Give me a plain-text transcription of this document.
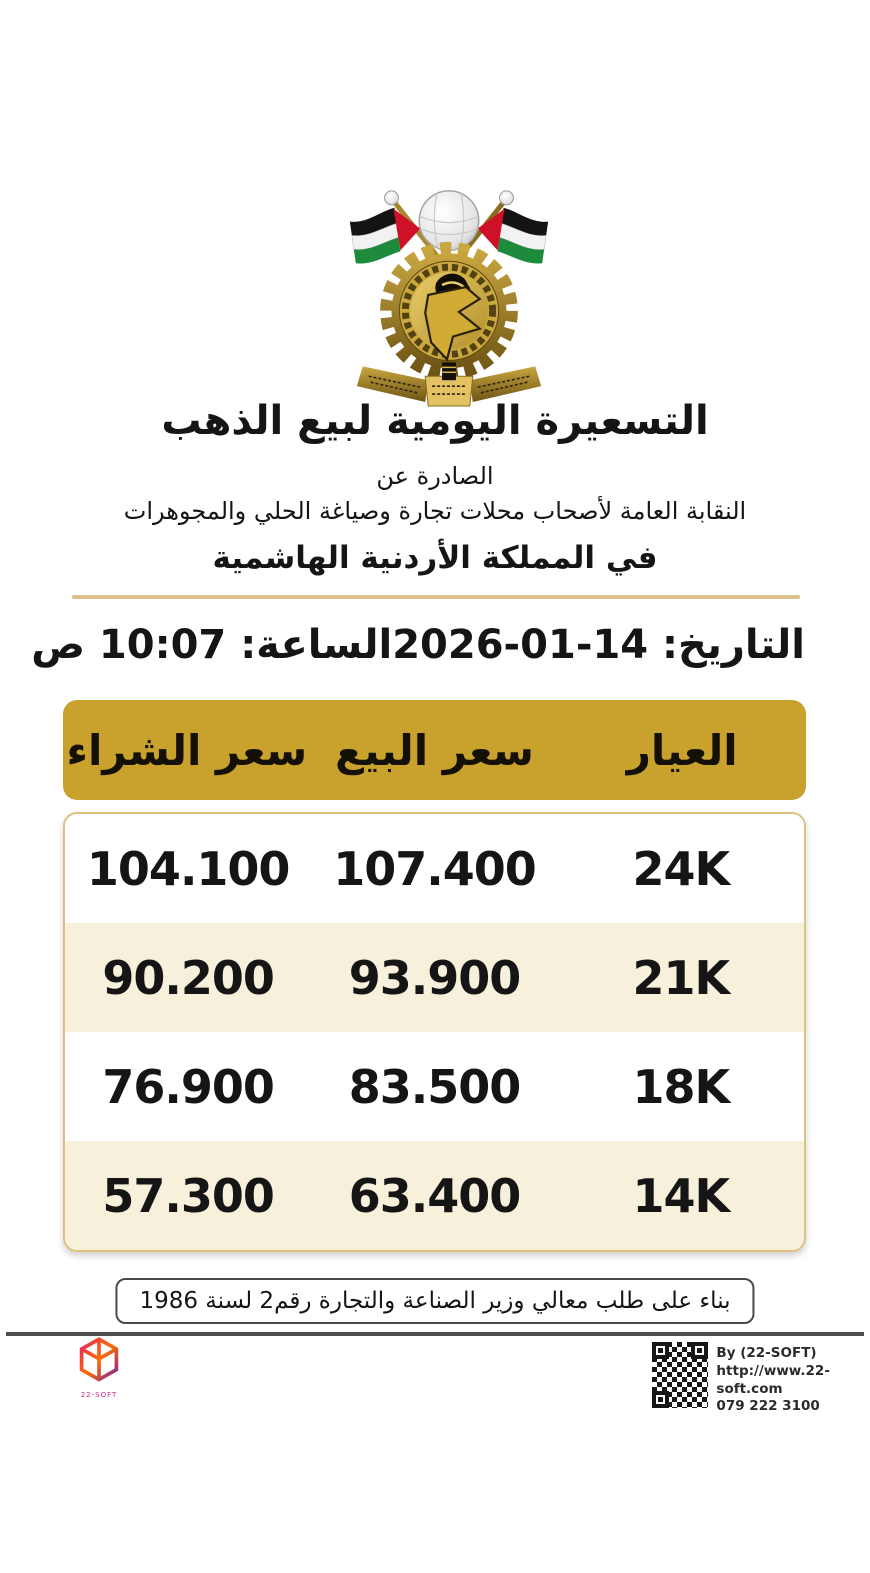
التسعيرة اليومية لبيع الذهب
الصادرة عن
النقابة العامة لأصحاب محلات تجارة وصياغة الحلي والمجوهرات
في المملكة الأردنية الهاشمية
التاريخ: 14-01-2026
الساعة: 10:07 ص
العيار
سعر البيع
سعر الشراء
24K
107.400
104.100
21K
93.900
90.200
18K
83.500
76.900
14K
63.400
57.300
بناء على طلب معالي وزير الصناعة والتجارة رقم2 لسنة 1986
22-SOFT
By (22-SOFT)
http://www.22-soft.com
079 222 3100
